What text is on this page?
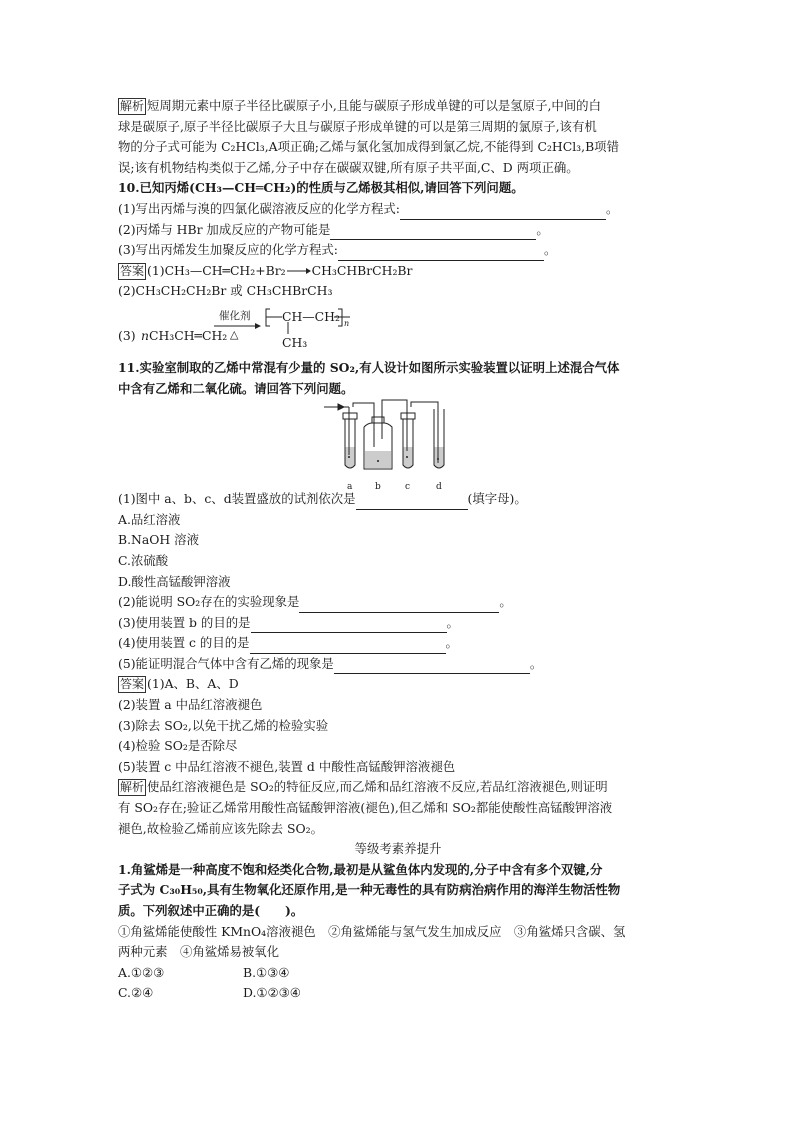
解析 短周期元素中原子半径比碳原子小,且能与碳原子形成单键的可以是氢原子,中间的白
球是碳原子,原子半径比碳原子大且与碳原子形成单键的可以是第三周期的氯原子,该有机
物的分子式可能为 C₂HCl₃,A项正确;乙烯与氯化氢加成得到氯乙烷,不能得到 C₂HCl₃,B项错
误;该有机物结构类似于乙烯,分子中存在碳碳双键,所有原子共平面,C、D 两项正确。
10.已知丙烯(CH₃—CH═CH₂)的性质与乙烯极其相似,请回答下列问题。
(1)写出丙烯与溴的四氯化碳溶液反应的化学方程式:	。
(2)丙烯与 HBr 加成反应的产物可能是	。
(3)写出丙烯发生加聚反应的化学方程式:	。
答案 (1)CH₃—CH═CH₂+Br₂→CH₃CHBrCH₂Br
(2)CH₃CH₂CH₂Br 或 CH₃CHBrCH₃
(3) n CH₃CH═CH₂
催化剂
△
CH—CH₂ n
CH₃
11.实验室制取的乙烯中常混有少量的 SO₂,有人设计如图所示实验装置以证明上述混合气体
中含有乙烯和二氧化硫。请回答下列问题。
a	b	c	d
(1)图中 a、b、c、d装置盛放的试剂依次是	(填字母)。
A.品红溶液
B.NaOH 溶液
C.浓硫酸
D.酸性高锰酸钾溶液
(2)能说明 SO₂存在的实验现象是	。
(3)使用装置 b 的目的是	。
(4)使用装置 c 的目的是	。
(5)能证明混合气体中含有乙烯的现象是	。
答案 (1)A、B、A、D
(2)装置 a 中品红溶液褪色
(3)除去 SO₂,以免干扰乙烯的检验实验
(4)检验 SO₂是否除尽
(5)装置 c 中品红溶液不褪色,装置 d 中酸性高锰酸钾溶液褪色
解析 使品红溶液褪色是 SO₂的特征反应,而乙烯和品红溶液不反应,若品红溶液褪色,则证明
有 SO₂存在;验证乙烯常用酸性高锰酸钾溶液(褪色),但乙烯和 SO₂都能使酸性高锰酸钾溶液
褪色,故检验乙烯前应该先除去 SO₂。
等级考素养提升
1.角鲨烯是一种高度不饱和烃类化合物,最初是从鲨鱼体内发现的,分子中含有多个双键,分
子式为 C₃₀H₅₀,具有生物氧化还原作用,是一种无毒性的具有防病治病作用的海洋生物活性物
质。下列叙述中正确的是(　　)。
①角鲨烯能使酸性 KMnO₄溶液褪色　②角鲨烯能与氢气发生加成反应　③角鲨烯只含碳、氢
两种元素　④角鲨烯易被氧化
A.①②③	B.①③④
C.②④	D.①②③④
